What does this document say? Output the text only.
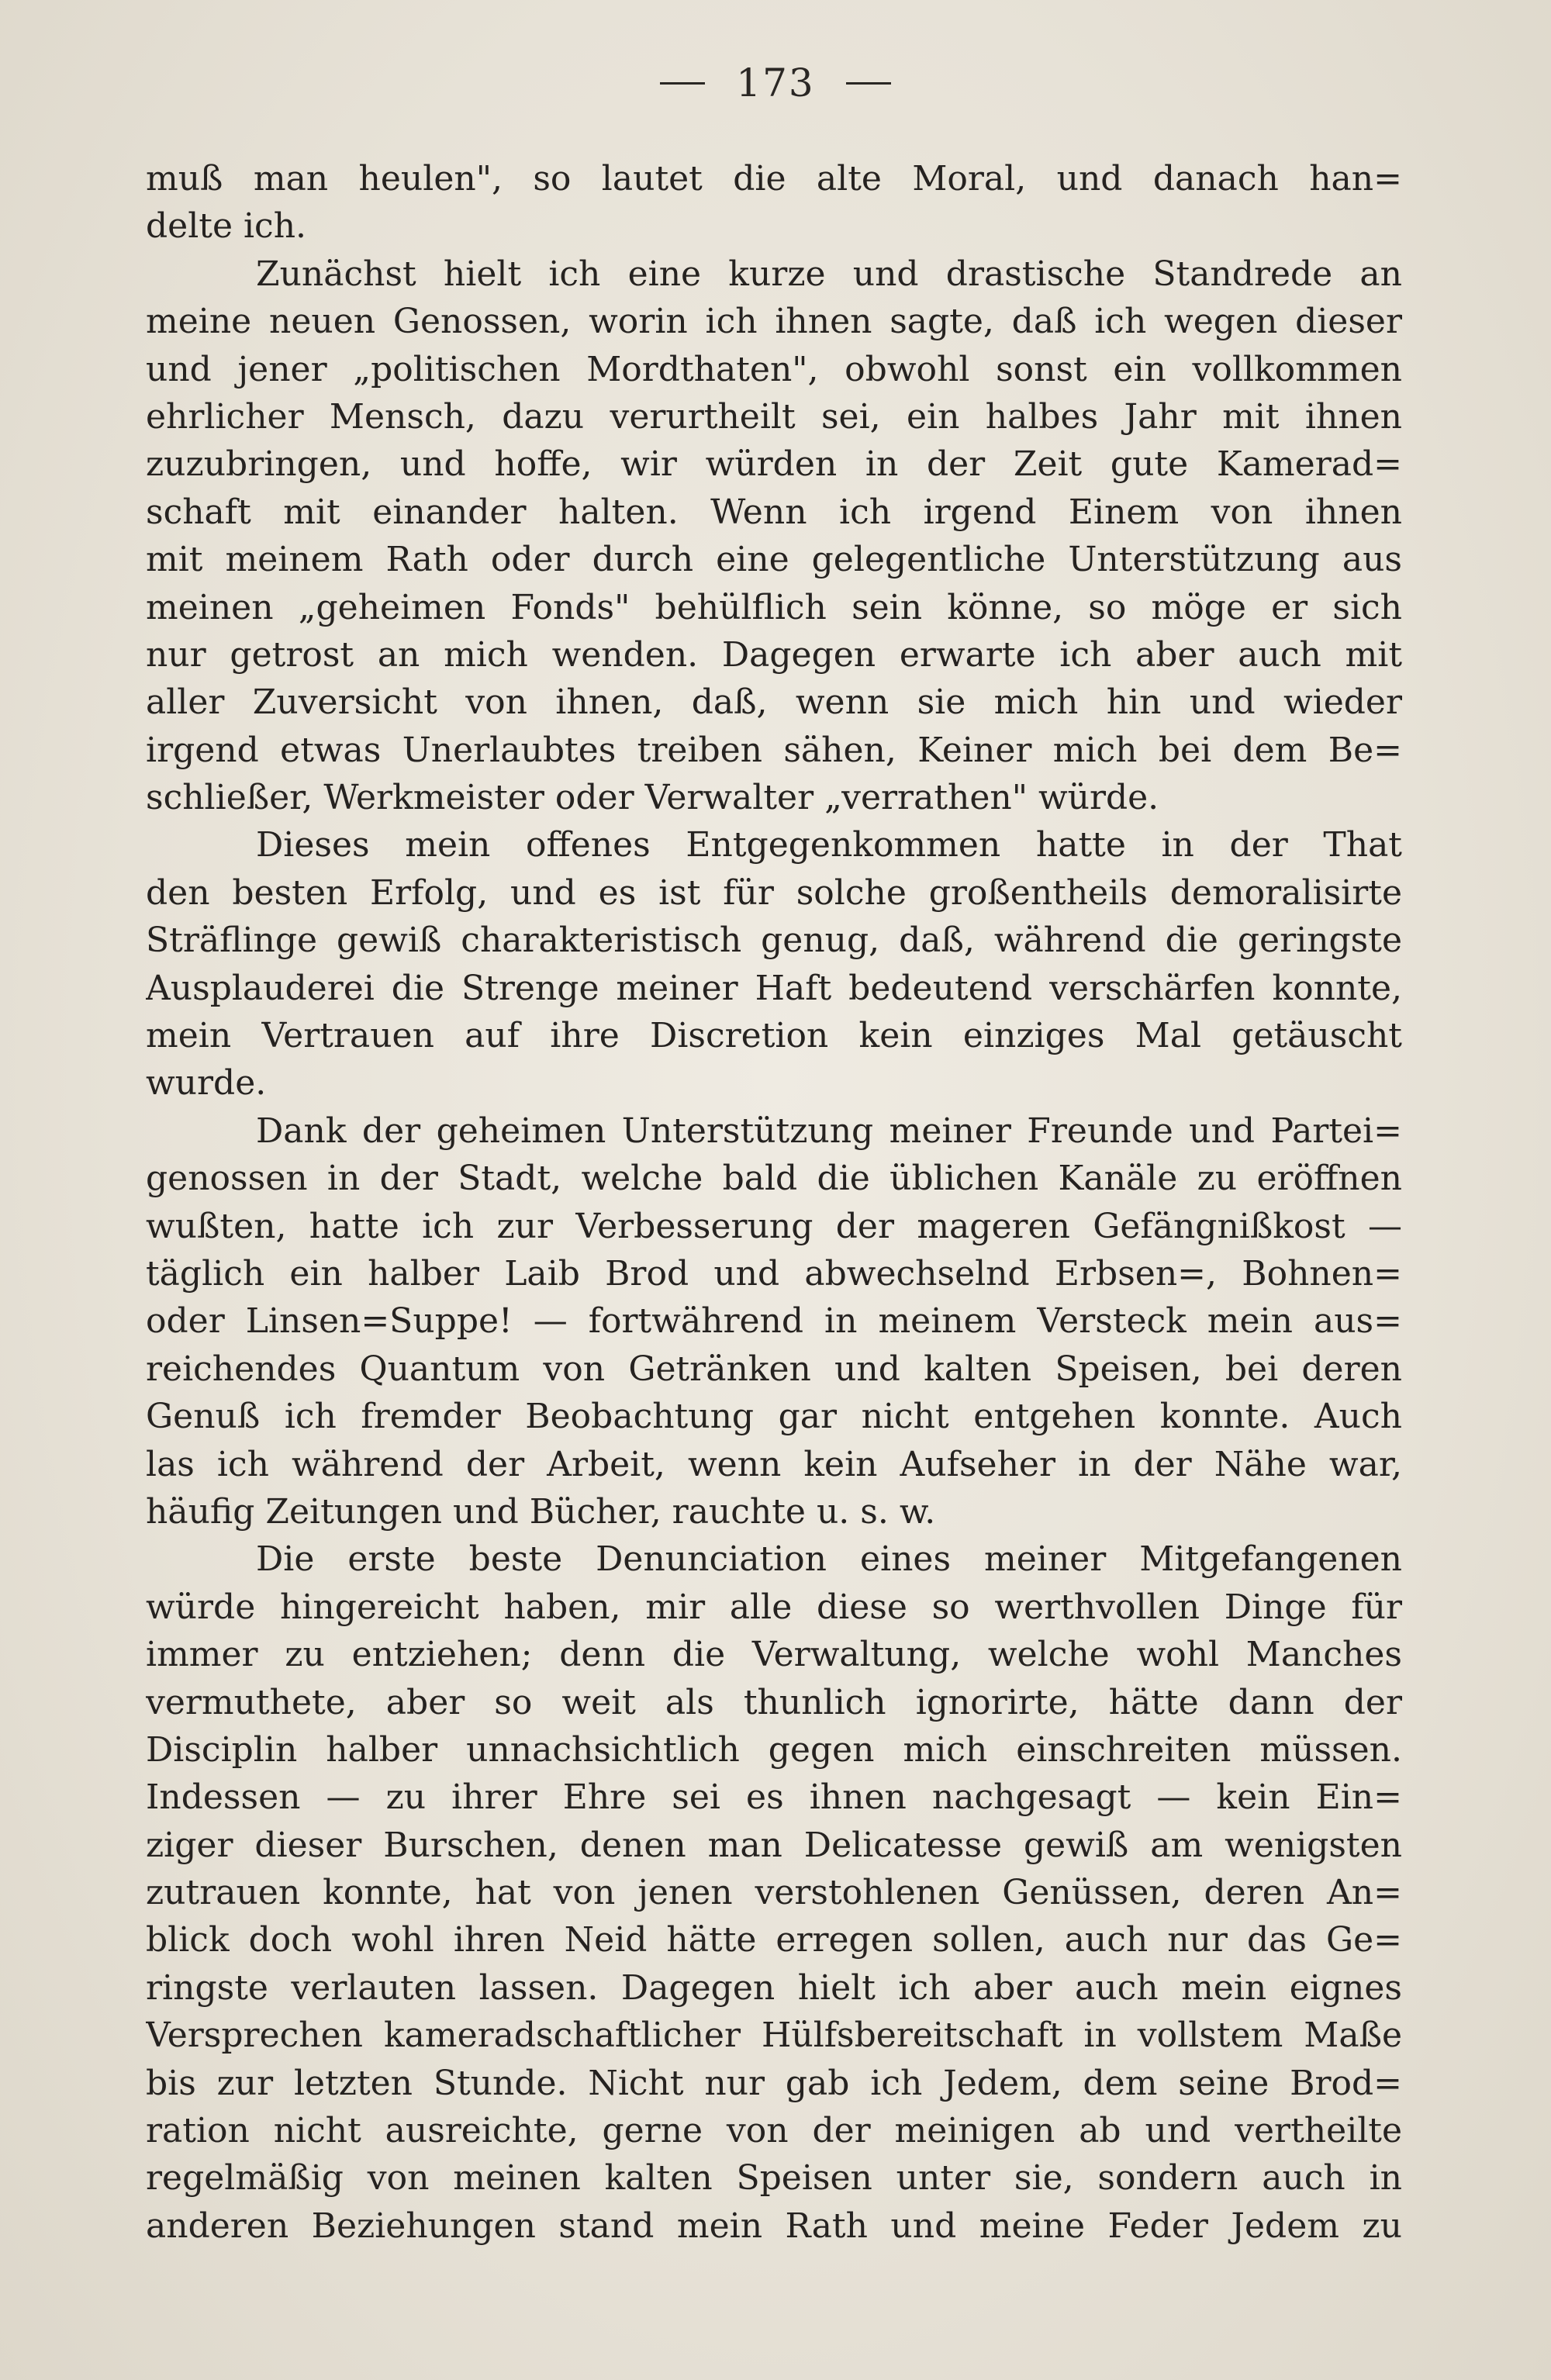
173
muß man heulen", so lautet die alte Moral, und danach han=
delte ich.
Zunächst hielt ich eine kurze und drastische Standrede an
meine neuen Genossen, worin ich ihnen sagte, daß ich wegen dieser
und jener „politischen Mordthaten", obwohl sonst ein vollkommen
ehrlicher Mensch, dazu verurtheilt sei, ein halbes Jahr mit ihnen
zuzubringen, und hoffe, wir würden in der Zeit gute Kamerad=
schaft mit einander halten. Wenn ich irgend Einem von ihnen
mit meinem Rath oder durch eine gelegentliche Unterstützung aus
meinen „geheimen Fonds" behülflich sein könne, so möge er sich
nur getrost an mich wenden. Dagegen erwarte ich aber auch mit
aller Zuversicht von ihnen, daß, wenn sie mich hin und wieder
irgend etwas Unerlaubtes treiben sähen, Keiner mich bei dem Be=
schließer, Werkmeister oder Verwalter „verrathen" würde.
Dieses mein offenes Entgegenkommen hatte in der That
den besten Erfolg, und es ist für solche großentheils demoralisirte
Sträflinge gewiß charakteristisch genug, daß, während die geringste
Ausplauderei die Strenge meiner Haft bedeutend verschärfen konnte,
mein Vertrauen auf ihre Discretion kein einziges Mal getäuscht
wurde.
Dank der geheimen Unterstützung meiner Freunde und Partei=
genossen in der Stadt, welche bald die üblichen Kanäle zu eröffnen
wußten, hatte ich zur Verbesserung der mageren Gefängnißkost —
täglich ein halber Laib Brod und abwechselnd Erbsen=, Bohnen=
oder Linsen=Suppe! — fortwährend in meinem Versteck mein aus=
reichendes Quantum von Getränken und kalten Speisen, bei deren
Genuß ich fremder Beobachtung gar nicht entgehen konnte. Auch
las ich während der Arbeit, wenn kein Aufseher in der Nähe war,
häufig Zeitungen und Bücher, rauchte u. s. w.
Die erste beste Denunciation eines meiner Mitgefangenen
würde hingereicht haben, mir alle diese so werthvollen Dinge für
immer zu entziehen; denn die Verwaltung, welche wohl Manches
vermuthete, aber so weit als thunlich ignorirte, hätte dann der
Disciplin halber unnachsichtlich gegen mich einschreiten müssen.
Indessen — zu ihrer Ehre sei es ihnen nachgesagt — kein Ein=
ziger dieser Burschen, denen man Delicatesse gewiß am wenigsten
zutrauen konnte, hat von jenen verstohlenen Genüssen, deren An=
blick doch wohl ihren Neid hätte erregen sollen, auch nur das Ge=
ringste verlauten lassen. Dagegen hielt ich aber auch mein eignes
Versprechen kameradschaftlicher Hülfsbereitschaft in vollstem Maße
bis zur letzten Stunde. Nicht nur gab ich Jedem, dem seine Brod=
ration nicht ausreichte, gerne von der meinigen ab und vertheilte
regelmäßig von meinen kalten Speisen unter sie, sondern auch in
anderen Beziehungen stand mein Rath und meine Feder Jedem zu
